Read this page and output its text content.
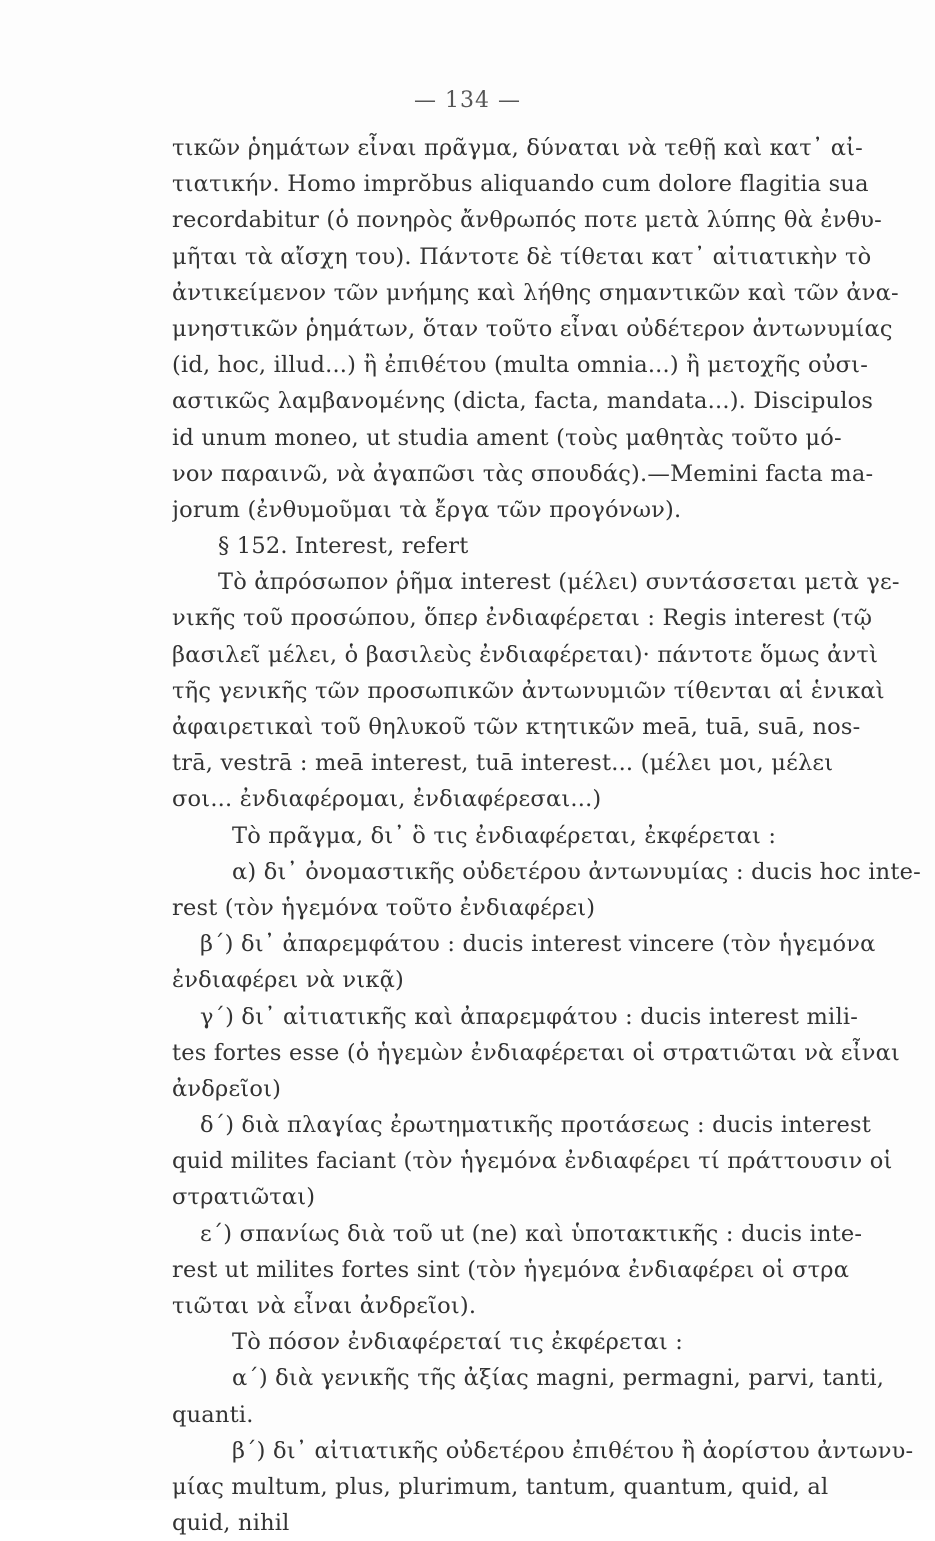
— 134 —
τικῶν ῥημάτων εἶναι πρᾶγμα, δύναται νὰ τεθῇ καὶ κατ᾽ αἰ-
τιατικήν. Homo imprŏbus aliquando cum dolore flagitia sua
recordabitur (ὁ πονηρὸς ἄνθρωπός ποτε μετὰ λύπης θὰ ἐνθυ-
μῆται τὰ αἴσχη του). Πάντοτε δὲ τίθεται κατ᾽ αἰτιατικὴν τὸ
ἀντικείμενον τῶν μνήμης καὶ λήθης σημαντικῶν καὶ τῶν ἀνα-
μνηστικῶν ῥημάτων, ὅταν τοῦτο εἶναι οὐδέτερον ἀντωνυμίας
(id, hoc, illud...) ἢ ἐπιθέτου (multa omnia...) ἢ μετοχῆς οὐσι-
αστικῶς λαμβανομένης (dicta, facta, mandata...). Discipulos
id unum moneo, ut studia ament (τοὺς μαθητὰς τοῦτο μό-
νον παραινῶ, νὰ ἀγαπῶσι τὰς σπουδάς).—Memini facta ma-
jorum (ἐνθυμοῦμαι τὰ ἔργα τῶν προγόνων).
§ 152. Interest, refert
Τὸ ἀπρόσωπον ῥῆμα interest (μέλει) συντάσσεται μετὰ γε-
νικῆς τοῦ προσώπου, ὅπερ ἐνδιαφέρεται : Regis interest (τῷ
βασιλεῖ μέλει, ὁ βασιλεὺς ἐνδιαφέρεται)· πάντοτε ὅμως ἀντὶ
τῆς γενικῆς τῶν προσωπικῶν ἀντωνυμιῶν τίθενται αἱ ἑνικαὶ
ἀφαιρετικαὶ τοῦ θηλυκοῦ τῶν κτητικῶν meā, tuā, suā, nos-
trā, vestrā : meā interest, tuā interest... (μέλει μοι, μέλει
σοι... ἐνδιαφέρομαι, ἐνδιαφέρεσαι...)
Τὸ πρᾶγμα, δι᾽ ὃ τις ἐνδιαφέρεται, ἐκφέρεται :
α) δι᾽ ὀνομαστικῆς οὐδετέρου ἀντωνυμίας : ducis hoc inte-
rest (τὸν ἡγεμόνα τοῦτο ἐνδιαφέρει)
β΄) δι᾽ ἀπαρεμφάτου : ducis interest vincere (τὸν ἡγεμόνα
ἐνδιαφέρει νὰ νικᾷ)
γ΄) δι᾽ αἰτιατικῆς καὶ ἀπαρεμφάτου : ducis interest mili-
tes fortes esse (ὁ ἡγεμὼν ἐνδιαφέρεται οἱ στρατιῶται νὰ εἶναι
ἀνδρεῖοι)
δ΄) διὰ πλαγίας ἐρωτηματικῆς προτάσεως : ducis interest
quid milites faciant (τὸν ἡγεμόνα ἐνδιαφέρει τί πράττουσιν οἱ
στρατιῶται)
ε΄) σπανίως διὰ τοῦ ut (ne) καὶ ὑποτακτικῆς : ducis inte-
rest ut milites fortes sint (τὸν ἡγεμόνα ἐνδιαφέρει οἱ στρα
τιῶται νὰ εἶναι ἀνδρεῖοι).
Τὸ πόσον ἐνδιαφέρεταί τις ἐκφέρεται :
α΄) διὰ γενικῆς τῆς ἀξίας magni, permagni, parvi, tanti,
quanti.
β΄) δι᾽ αἰτιατικῆς οὐδετέρου ἐπιθέτου ἢ ἀορίστου ἀντωνυ-
μίας multum, plus, plurimum, tantum, quantum, quid, al
quid, nihil
